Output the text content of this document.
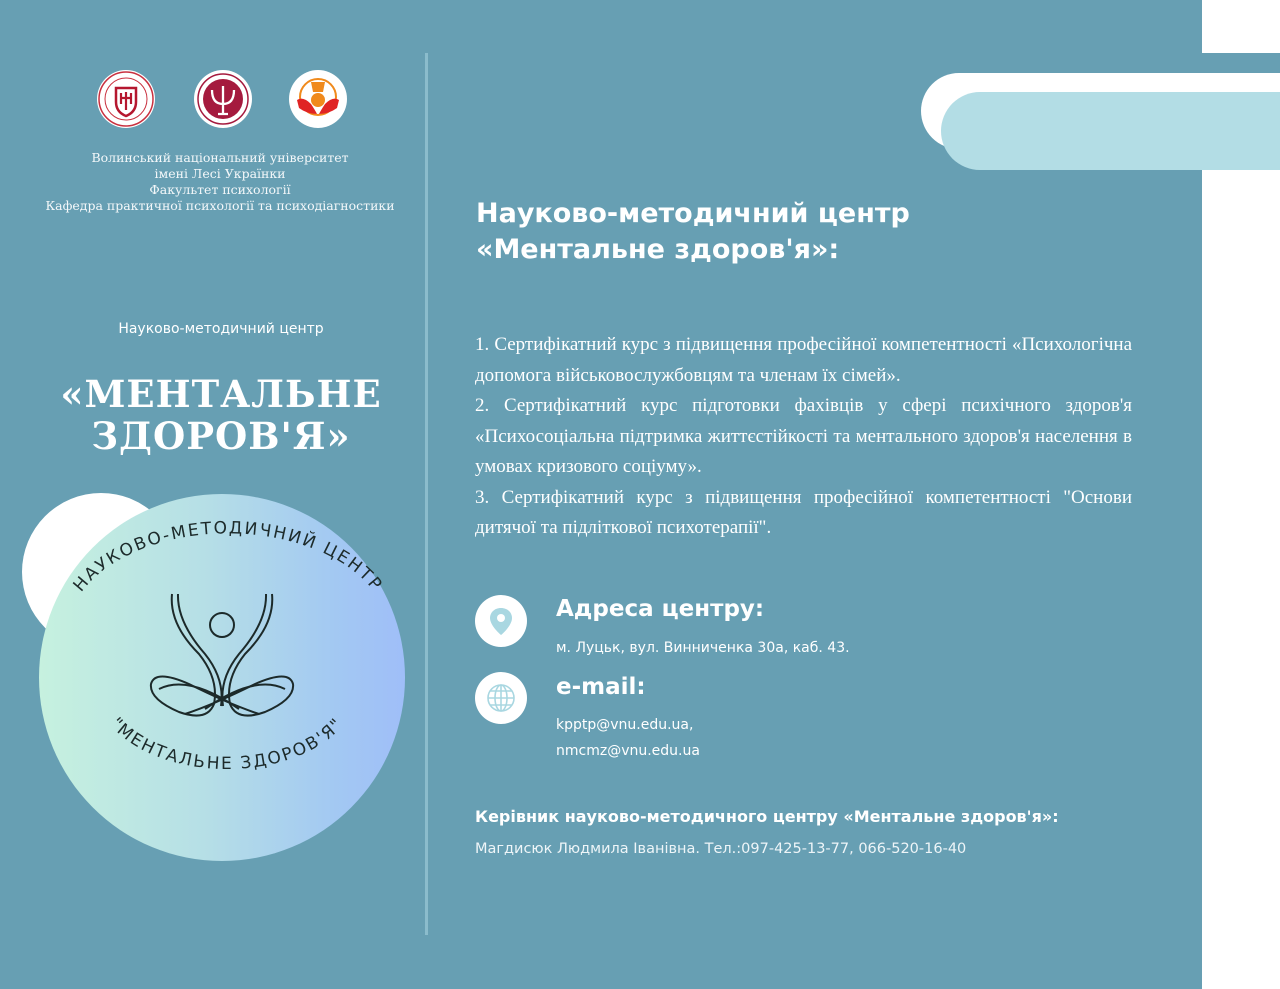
Волинський національний університет
імені Лесі Українки
Факультет психології
Кафедра практичної психології та психодіагностики
Науково-методичний центр
«МЕНТАЛЬНЕ
ЗДОРОВ'Я»
НАУКОВО-МЕТОДИЧНИЙ ЦЕНТР
"МЕНТАЛЬНЕ ЗДОРОВ'Я"
Науково-методичний центр
«Ментальне здоров'я»:

1. Сертифікатний курс з підвищення професійної компетентності «Психологічна допомога військовослужбовцям та членам їх сімей».

2. Сертифікатний курс підготовки фахівців у сфері психічного здоров'я «Психосоціальна підтримка життєстійкості та ментального здоров'я населення в умовах кризового соціуму».

3. Сертифікатний курс з підвищення професійної компетентності "Основи дитячої та підліткової психотерапії".

Адреса центру:
м. Луцьк, вул. Винниченка 30а, каб. 43.
e-mail:
kpptp@vnu.edu.ua,
nmcmz@vnu.edu.ua
Керівник науково-методичного центру «Ментальне здоров'я»:
Магдисюк Людмила Іванівна. Тел.:097-425-13-77, 066-520-16-40
